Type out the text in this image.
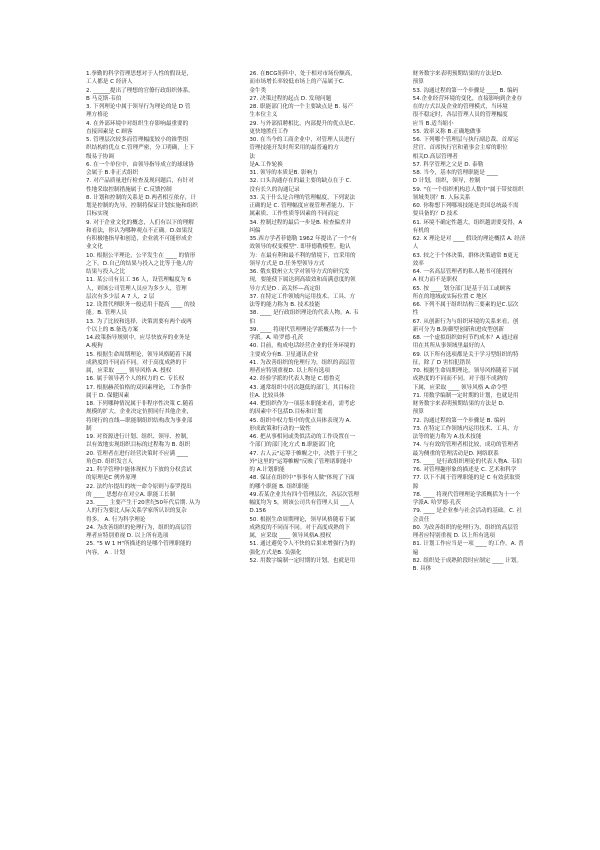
1.拳勤的科学管理思想对于人性的假设是，

工人都是 C 经济人

2. ______提出了理想的官僚行政组织体系。

B 马克斯·韦伯

3. 下列理论中属于领导行为理论的是 D 管

理方格论

4. 在外部环境中对组织生存影响最重要的

直接因素是 C 顾客

5. 管理层次较多而管理幅度较小的锥型组

织结构的优点 C.管理严密，分工明确，上下

级易于协调

6. 在一个单位中，由领导指导成立的球球协

会属于 B.非正式组织

7. 对产品质量进行检查及现问题后，有针对

性地采取控制措施属于 C.反馈控制

8. 计划和控制的关系是 D.两者相互依存，计

划是控制的先导，控制将保证计划实施和组织

目标实现

9. 对于企业文化的概念，人们有以下的理解

和看法，你认为哪种观点不正确。D.如果没

有积极地指导和创造，企业就不可能形成企

业文化

10. 根据公平理论，公平发生在 ____ 的情形

之下。D.自己的结果与投入之比等于他人的

结果与投入之比

11. 某公司有员工 36 人，设管理幅度为 6

人，则该公司管理人员应为多少人，管理

层次有多少层 A 7 人，2 层

12. 设置代理职务一般适用于提高 ____ 的技

能。B. 管理人员

13. 为了比较和选择，决策需要有两个或两

个以上的 B.备选方案

14.政策指导规则中，应尽快放弃的业务是

A.瘦狗

15. 根据生命周期理论，领导风格随着下属

成熟度的不同而不同。对于高度成熟的下

属，应采取 ____ 领导风格 A. 授权

16. 属于领导者个人的权力的 C. 专长权

17. 根据赫茨伯格的双因素理论，工作条件

属于 D. 保健因素

18. 下列哪种情况属于非程序性决策 C.随着

规模的扩大，企业决定仿照同行其他企业，

将现行的直线—职能制组织结构改为事业部

制

19. 对资源进行计划、组织、领导、控制，

以有效地实现组织目标的过程称为 B. 组织

20. 管理者在进行经营决策时不应满 ____

角色D. 组织发言人

21. 科学管理中能体现权力下放的分权尝试

的原理是C 例外原理

22. 法约尔提出的统一命令原则与泰罗提出

的 ____ 思想存在对立A. 职能工长制

23. ____ 主要产生于20世纪50年代后期. 从为

人的行为要比人际关系学家所认识的复杂

得多。 A. 行为科学理论

24. 为改善组织的伦理行为，组织的高层管

理者应特别重视 D. 以上所有选项

25. "5 W 1 H"所描述的是哪个管理职能的

内容。 A . 计划

26. 在BCG矩阵中，处于相对市场份额高，

而市场增长率较低市场上的产品属于C.

金牛类

27. 决策过程的起点 D. 发现问题

28. 职能部门化的一个主要缺点是 B. 易产

生本位主义

29. 与外部招聘相比，内部提升的优点是C.

更快地胜任工作

30. 在当今的工商企业中，对管理人员进行

管理技能开发时所采用的最普遍的方

法

是A.工作轮换

31. 领导的本质是B. 影响力

32. 口头沟通存在的最主要的缺点在于 C.

没有长久的沟通记录

33. 关于什么是合理的管理幅度，下列说法

正确的是 C. 管理幅度应视管理者能力、下

属素质、工作性质等因素的不同而定

34. 控制过程的最后一步是B. 检查偏差并

纠偏

35.西方学者菲德勒 1962 年提出了一个"有

效领导的权变模型". 即菲德勒模型。他认

为：在最有利和最不利的情境下，宜采用的

领导方式是 D.任务型领导方式

36. 俄亥俄州立大学对领导方式的研究发

现，要能使下属达到高绩效和高满意度的领

导方式是D . 高关怀—高定组

37. 在特定工作领域内运用技术、工具、方

法等的能力称为 B. 技术技能

38. ____ 是行政组织理论的代表人物。A. 韦

伯

39. ____ 将现代管理理论学派概括为十一个

学派。A. 哈罗德·孔茨

40. 目前，构成电话经营企业的任务环境的

主要成分有B. 卫星通讯企业

41. 为改善组织的伦理行为，组织的高层管

理者应特别重视D. 以上所有选项

42. 经验学派的代表人物是 C.德鲁克

43. 通常组织中居次越低的部门，其目标往

往A. 比较具体

44. 把组织作为一项基本职能来看，需考虑

的因素中不包括D.目标和计划

45. 组织中权力集中的优点具体表现为 A.

形成政策和行动的一致性

46. 把从事相同或类似活动的工作设置在一

个部门的部门化方式 B.职能部门化

47. 古人云"运筹于帷幄之中，决胜于千里之

外"这里的"运筹帷幄"反映了管理诸职能中

的 A.计划职能

48. 保证在组织中"事事有人做"体现了下面

的哪个职能 B. 组织职能

49.若某企业共有四个管理层次，各层次管理

幅度均为 5，则该公司共有管理人员 ___人

D.156

50. 根据生命周期理论，领导风格随着下属

成熟度的不同而不同。对于高度成熟的下

属，应采取 ____ 领导风格A.授权

51. 通过避免令人不快的后果来增强行为的

强化方式是B. 负强化

52. 用数字编制一定时期的计划，也就是用

财务数字来表明预期结果的方法是D.

预算

53. 沟通过程的第一个步骤是 ____ B. 编码

54.企业经营环境的变化，直接影响到企业存

在的方式以及企业的管理模式，当环境

很不稳定时，各层管理人员的管理幅度

应当 B.适当缩小

55. 效率又称 B.正确地做事

56. 下列哪个管理层与执行副总裁、首席运

营官、首席执行官和董事会主席的职位

相关D.高层管理者

57. 科学管理之父是 D. 泰勒

58. 当今，基本的管理职能是 ____

D 计划，组织，领导，控制

59. "在一个组织机构总人数中"属于带贫组织

领域类别？B. 人际关系

60. 你称想下列哪项技能是美国总统最不需

要具备的？D 技术

61. 环境不确定性越大，组织越需要变得，A

有机的

62. X 理论是对 ____ 假设的理论概括 A. 经济

人

63. 较之于个体决策，群体决策通常 B更无

效率

64. 一名高层管理者的私人秘书可能拥有

A 权力而不是职权

65. 按 ____ 划分部门是基于员工或顾客

所在的地域或实际位置 C 地区

66. 下列不属于组织结构三要素的是C.层次

性

67. 从创新行为与组织环境的关系来看，创

新可分为 B.防御型创新和进攻型创新

68. 一个虚拟组织如何节约成本？A 通过雇

用在其所从事领域里最好的人

69. 以下所有选项都是关于学习型组织的特

征，除了 D 害怕犯错误

70. 根据生命周期理论，领导风格随着下属

成熟度的不同而不同。对于很不成熟的

下属，应采取 ____ 领导风格 A.命令型

71. 用数学编制一定时期的计划，也就是用

财务数字来表明预期结果的方法是 D.

预算

72. 沟通过程的第一个步骤是 B. 编码

73. 在特定工作领域内运用技术、工具、方

法等的能力称为 A.技术技能

74. 与有效的管理者相比较，成功的管理者

最为侧重的管理活动是D. 网络联系

75. ____ 是行政组织理论的代表人物A. 韦伯

76. 对管理趣形象的描述是 C. 艺术和科学

77. 以下不属于管理职能的是 C 有效获取资

源

78. ____ 将现代管理理论学派概括为十一个

学派A. 哈罗德·孔茨

79. ____ 是企业参与社会活动的基础。C. 社

会责任

80. 为改善组织的伦理行为，组织的高层管

理者应特别重视 D. 以上所有选项

81. 计划工作应当是一项 ____ 的工作。A. 普

遍

82. 组织处于成熟阶段时应制定 ____ 计划。

B. 具体
